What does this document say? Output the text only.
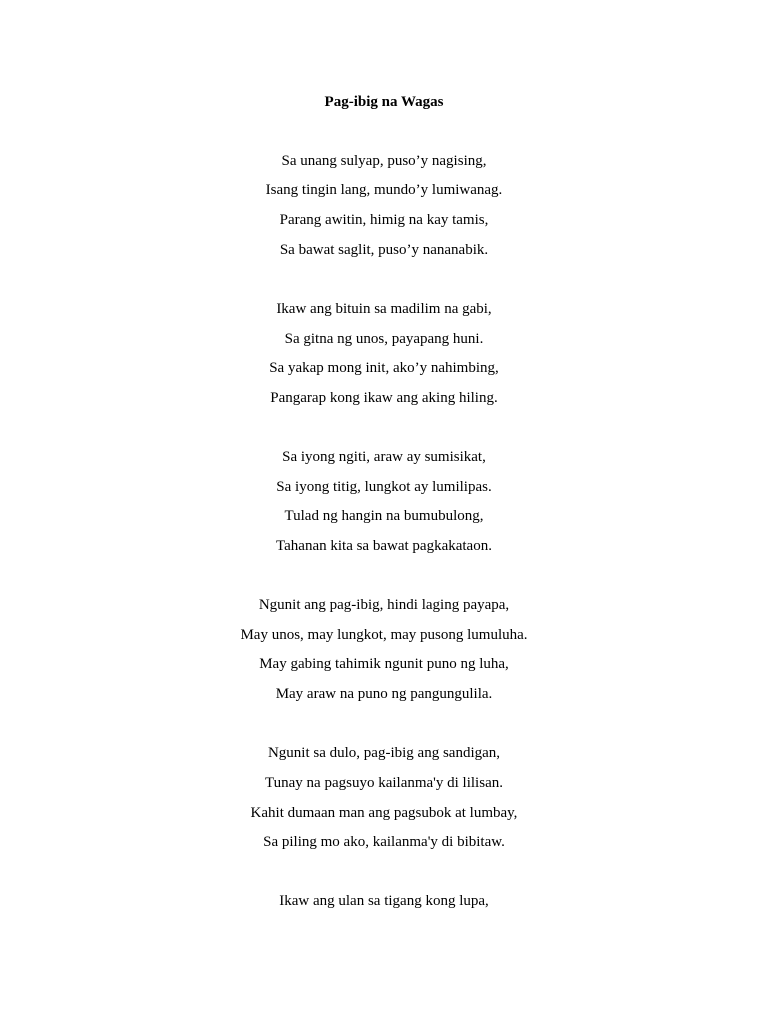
Pag-ibig na Wagas
Sa unang sulyap, puso’y nagising,
Isang tingin lang, mundo’y lumiwanag.
Parang awitin, himig na kay tamis,
Sa bawat saglit, puso’y nananabik.
Ikaw ang bituin sa madilim na gabi,
Sa gitna ng unos, payapang huni.
Sa yakap mong init, ako’y nahimbing,
Pangarap kong ikaw ang aking hiling.
Sa iyong ngiti, araw ay sumisikat,
Sa iyong titig, lungkot ay lumilipas.
Tulad ng hangin na bumubulong,
Tahanan kita sa bawat pagkakataon.
Ngunit ang pag-ibig, hindi laging payapa,
May unos, may lungkot, may pusong lumuluha.
May gabing tahimik ngunit puno ng luha,
May araw na puno ng pangungulila.
Ngunit sa dulo, pag-ibig ang sandigan,
Tunay na pagsuyo kailanma'y di lilisan.
Kahit dumaan man ang pagsubok at lumbay,
Sa piling mo ako, kailanma'y di bibitaw.
Ikaw ang ulan sa tigang kong lupa,
